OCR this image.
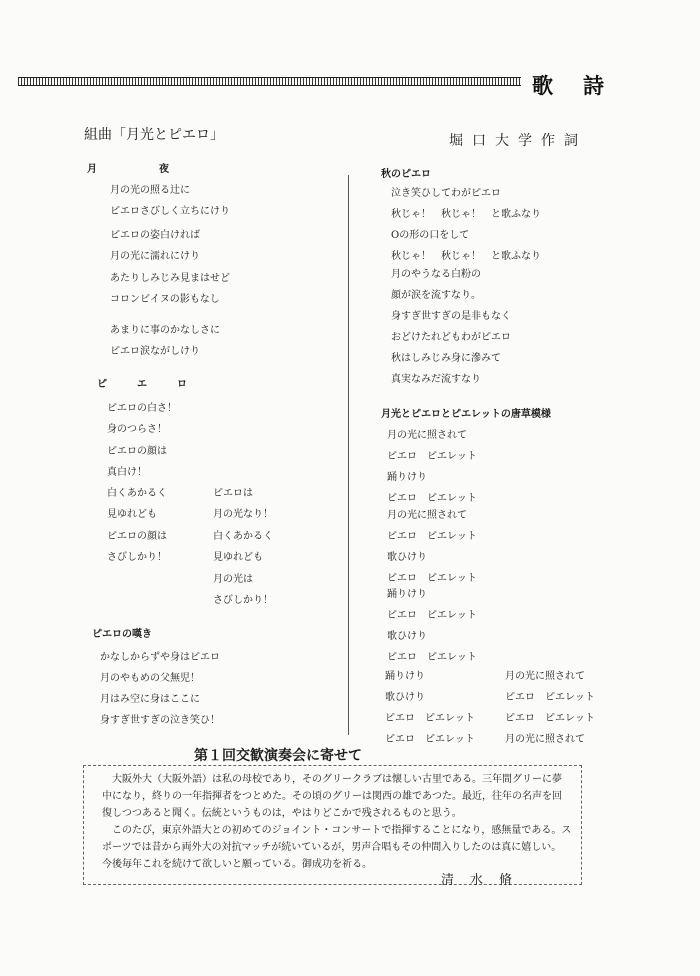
歌詩
組曲「月光とピエロ」	堀口大学作詞
月　　夜

月の光の照る辻に

ピエロさびしく立ちにけり

ピエロの姿白ければ

月の光に濡れにけり

あたりしみじみ見まはせど

コロンビイヌの影もなし

あまりに事のかなしさに

ピエロ涙ながしけり

ピ　エ　ロ

ピエロの白さ！

身のつらさ！

ピエロの顔は

真白け！

白くあかるく

見ゆれども

ピエロの顔は

さびしかり！

ピエロは

月の光なり！

白くあかるく

見ゆれども

月の光は

さびしかり！

ピエロの嘆き

かなしからずや身はピエロ

月のやもめの父無児！

月はみ空に身はここに

身すぎ世すぎの泣き笑ひ！

秋のピエロ

泣き笑ひしてわがピエロ

秋じゃ！　秋じゃ！　と歌ふなり

Oの形の口をして

秋じゃ！　秋じゃ！　と歌ふなり

月のやうなる白粉の

顔が涙を流すなり。

身すぎ世すぎの是非もなく

おどけたれどもわがピエロ

秋はしみじみ身に滲みて

真実なみだ流すなり

月光とピエロとピエレットの唐草模様

月の光に照されて

ピエロ　ピエレット

踊りけり

ピエロ　ピエレット

月の光に照されて

ピエロ　ピエレット

歌ひけり

ピエロ　ピエレット

踊りけり

ピエロ　ピエレット

歌ひけり

ピエロ　ピエレット

踊りけり

歌ひけり

ピエロ　ピエレット

ピエロ　ピエレット

月の光に照されて

ピエロ　ピエレット

ピエロ　ピエレット

月の光に照されて

第１回交歓演奏会に寄せて

大阪外大（大阪外語）は私の母校であり，そのグリークラブは懐しい古里である。三年間グリーに夢

中になり，終りの一年指揮者をつとめた。その頃のグリーは関西の雄であつた。最近，往年の名声を回

復しつつあると聞く。伝統というものは，やはりどこかで残されるものと思う。

このたび，東京外語大との初めてのジョイント・コンサートで指揮することになり，感無量である。ス

ポーツでは昔から両外大の対抗マッチが続いているが，男声合唱もその仲間入りしたのは真に嬉しい。

今後毎年これを続けて欲しいと願っている。御成功を祈る。

清水脩
